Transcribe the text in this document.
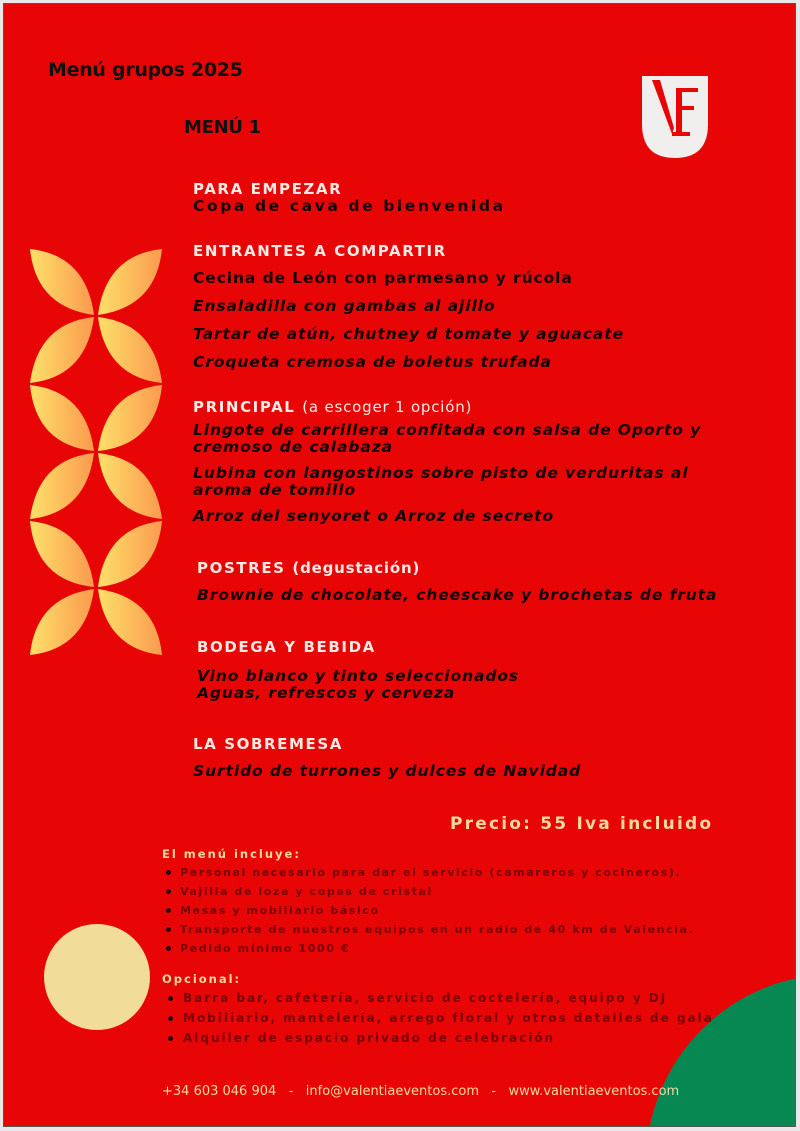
Menú grupos 2025
MENÚ 1
PARA EMPEZAR
Copa de cava de bienvenida
ENTRANTES A COMPARTIR
Cecina de León con parmesano y rúcola
Ensaladilla con gambas al ajillo
Tartar de atún, chutney d tomate y aguacate
Croqueta cremosa de boletus trufada
PRINCIPAL (a escoger 1 opción)
Lingote de carrillera confitada con salsa de Oporto y cremoso de calabaza
Lubina con langostinos sobre pisto de verduritas al aroma de tomillo
Arroz del senyoret o Arroz de secreto
POSTRES (degustación)
Brownie de chocolate, cheescake y brochetas de fruta
BODEGA Y BEBIDA
Vino blanco y tinto seleccionados
Aguas, refrescos y cerveza
LA SOBREMESA
Surtido de turrones y dulces de Navidad
Precio: 55 Iva incluido
El menú incluye:
Personal necesario para dar el servicio (camareros y cocineros).
Vajilla de loza y copas de cristal
Mesas y mobiliario básico
Transporte de nuestros equipos en un radio de 40 km de Valencia.
Pedido mínimo 1000 €
Opcional:
Barra bar, cafetería, servicio de coctelería, equipo y DJ
Mobiliario, mantelería, arrego floral y otros detalles de gala
Alquiler de espacio privado de celebración
+34 603 046 904 - info@valentiaeventos.com - www.valentiaeventos.com
